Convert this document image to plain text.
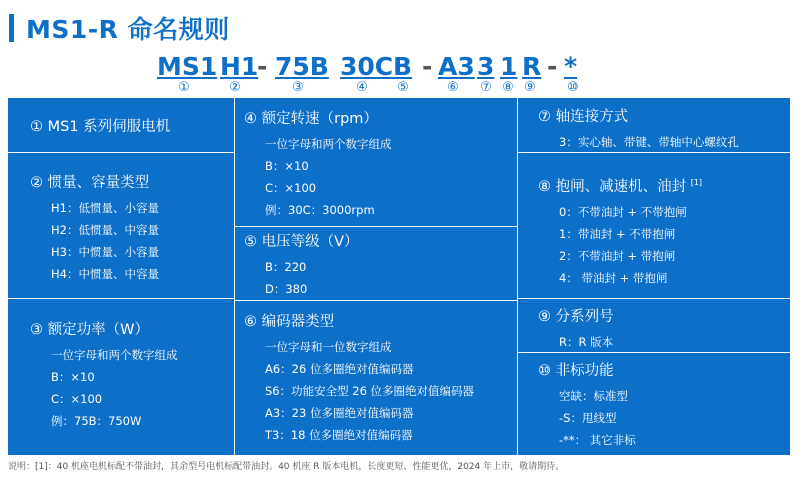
MS1-R 命名规则
MS1 H1
- 75B 30C B - A3 3 1 R - *
①	②	③	④ ⑤	⑥ ⑦ ⑧ ⑨ ⑩
① MS1 系列伺服电机
② 惯量、容量类型
H1：低惯量、小容量
H2：低惯量、中容量
H3：中惯量、小容量
H4：中惯量、中容量
③ 额定功率（W）
一位字母和两个数字组成
B：×10
C：×100
例：75B：750W
④ 额定转速（rpm）
一位字母和两个数字组成
B：×10
C：×100
例：30C：3000rpm
⑤ 电压等级（V）
B：220
D：380
⑥ 编码器类型
一位字母和一位数字组成
A6：26 位多圈绝对值编码器
S6：功能安全型 26 位多圈绝对值编码器
A3：23 位多圈绝对值编码器
T3：18 位多圈绝对值编码器
⑦ 轴连接方式
3：实心轴、带键、带轴中心螺纹孔
⑧ 抱闸、减速机、油封 [1]
0：不带油封 + 不带抱闸
1：带油封 + 不带抱闸
2：不带油封 + 带抱闸
4： 带油封 + 带抱闸
⑨ 分系列号
R：R 版本
⑩ 非标功能
空缺：标准型
-S：甩线型
-**： 其它非标
说明：[1]：40 机座电机标配不带油封，其余型号电机标配带油封。40 机座 R 版本电机，长度更短、性能更优，2024 年上市，敬请期待。
